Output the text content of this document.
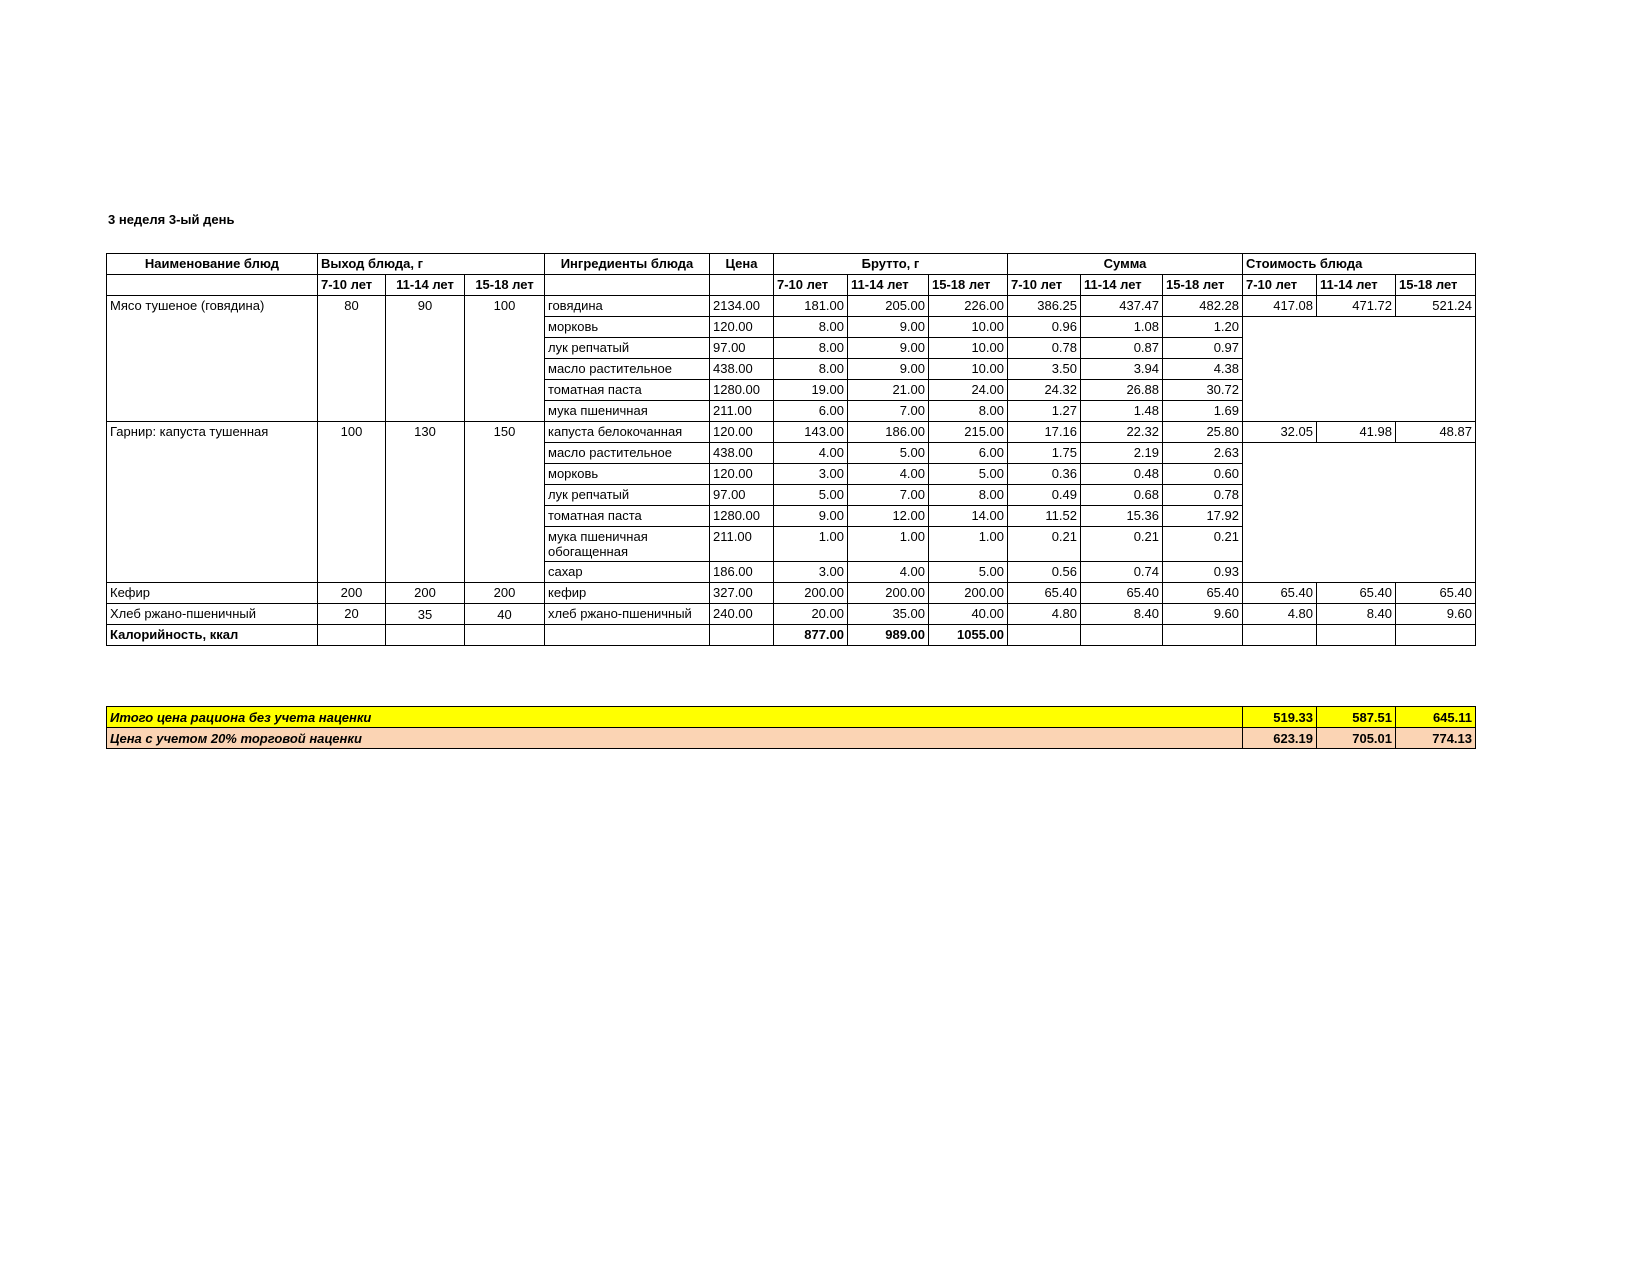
3 неделя 3-ый день
Наименование блюд	Выход блюда, г			Ингредиенты блюда	Цена	Брутто, г			Сумма			Стоимость блюда		
	7-10 лет	11-14 лет	15-18 лет			7-10 лет	11-14 лет	15-18 лет	7-10 лет	11-14 лет	15-18 лет	7-10 лет	11-14 лет	15-18 лет
Мясо тушеное (говядина)	80	90	100	говядина	2134.00	181.00	205.00	226.00	386.25	437.47	482.28	417.08	471.72	521.24
				морковь	120.00	8.00	9.00	10.00	0.96	1.08	1.20			
				лук репчатый	97.00	8.00	9.00	10.00	0.78	0.87	0.97			
				масло растительное	438.00	8.00	9.00	10.00	3.50	3.94	4.38			
				томатная паста	1280.00	19.00	21.00	24.00	24.32	26.88	30.72			
				мука пшеничная	211.00	6.00	7.00	8.00	1.27	1.48	1.69			
Гарнир: капуста тушенная	100	130	150	капуста белокочанная	120.00	143.00	186.00	215.00	17.16	22.32	25.80	32.05	41.98	48.87
				масло растительное	438.00	4.00	5.00	6.00	1.75	2.19	2.63			
				морковь	120.00	3.00	4.00	5.00	0.36	0.48	0.60			
				лук репчатый	97.00	5.00	7.00	8.00	0.49	0.68	0.78			
				томатная паста	1280.00	9.00	12.00	14.00	11.52	15.36	17.92			
				мука пшеничная обогащенная	211.00	1.00	1.00	1.00	0.21	0.21	0.21			
				сахар	186.00	3.00	4.00	5.00	0.56	0.74	0.93			
Кефир	200	200	200	кефир	327.00	200.00	200.00	200.00	65.40	65.40	65.40	65.40	65.40	65.40
Хлеб ржано-пшеничный	20	35	40	хлеб ржано-пшеничный	240.00	20.00	35.00	40.00	4.80	8.40	9.60	4.80	8.40	9.60
Калорийность, ккал						877.00	989.00	1055.00						
Итого цена рациона без учета наценки	519.33	587.51	645.11
Цена с учетом 20% торговой наценки	623.19	705.01	774.13
